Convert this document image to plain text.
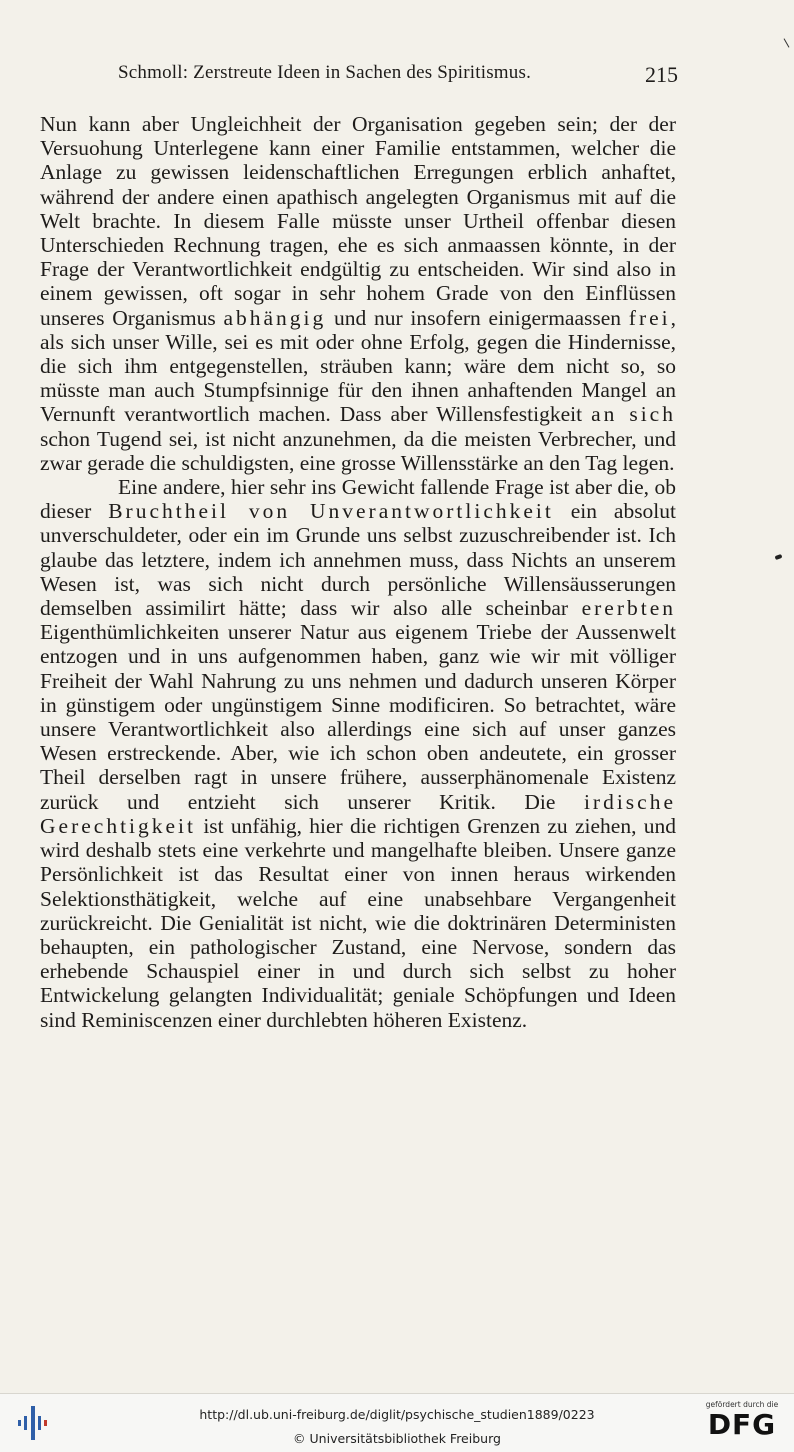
Schmoll: Zerstreute Ideen in Sachen des Spiritismus.	215

Nun kann aber Ungleichheit der Organisation gegeben sein; der der Versuohung Unterlegene kann einer Familie entstammen, welcher die Anlage zu gewissen leidenschaftlichen Erregungen erblich anhaftet, während der andere einen apathisch angelegten Organismus mit auf die Welt brachte. In diesem Falle müsste unser Urtheil offenbar diesen Unterschieden Rechnung tragen, ehe es sich anmaassen könnte, in der Frage der Verantwortlichkeit endgültig zu entscheiden. Wir sind also in einem gewissen, oft sogar in sehr hohem Grade von den Einflüssen unseres Organismus abhängig und nur insofern einigermaassen frei, als sich unser Wille, sei es mit oder ohne Erfolg, gegen die Hindernisse, die sich ihm entgegenstellen, sträuben kann; wäre dem nicht so, so müsste man auch Stumpfsinnige für den ihnen anhaftenden Mangel an Vernunft verantwortlich machen. Dass aber Willensfestigkeit an sich schon Tugend sei, ist nicht anzunehmen, da die meisten Verbrecher, und zwar gerade die schuldigsten, eine grosse Willensstärke an den Tag legen.

Eine andere, hier sehr ins Gewicht fallende Frage ist aber die, ob dieser Bruchtheil von Unverantwortlichkeit ein absolut unverschuldeter, oder ein im Grunde uns selbst zuzuschreibender ist. Ich glaube das letztere, indem ich annehmen muss, dass Nichts an unserem Wesen ist, was sich nicht durch persönliche Willensäusserungen demselben assimilirt hätte; dass wir also alle scheinbar ererbten Eigenthümlichkeiten unserer Natur aus eigenem Triebe der Aussenwelt entzogen und in uns aufgenommen haben, ganz wie wir mit völliger Freiheit der Wahl Nahrung zu uns nehmen und dadurch unseren Körper in günstigem oder ungünstigem Sinne modificiren. So betrachtet, wäre unsere Verantwortlichkeit also allerdings eine sich auf unser ganzes Wesen erstreckende. Aber, wie ich schon oben andeutete, ein grosser Theil derselben ragt in unsere frühere, ausserphänomenale Existenz zurück und entzieht sich unserer Kritik. Die irdische Gerechtigkeit ist unfähig, hier die richtigen Grenzen zu ziehen, und wird deshalb stets eine verkehrte und mangelhafte bleiben. Unsere ganze Persönlichkeit ist das Resultat einer von innen heraus wirkenden Selektionsthätigkeit, welche auf eine unabsehbare Vergangenheit zurückreicht. Die Genialität ist nicht, wie die doktrinären Deterministen behaupten, ein pathologischer Zustand, eine Nervose, sondern das erhebende Schauspiel einer in und durch sich selbst zu hoher Entwickelung gelangten Individualität; geniale Schöpfungen und Ideen sind Reminiscenzen einer durchlebten höheren Existenz.

http://dl.ub.uni-freiburg.de/diglit/psychische_studien1889/0223
© Universitätsbibliothek Freiburg
gefördert durch die
DFG
